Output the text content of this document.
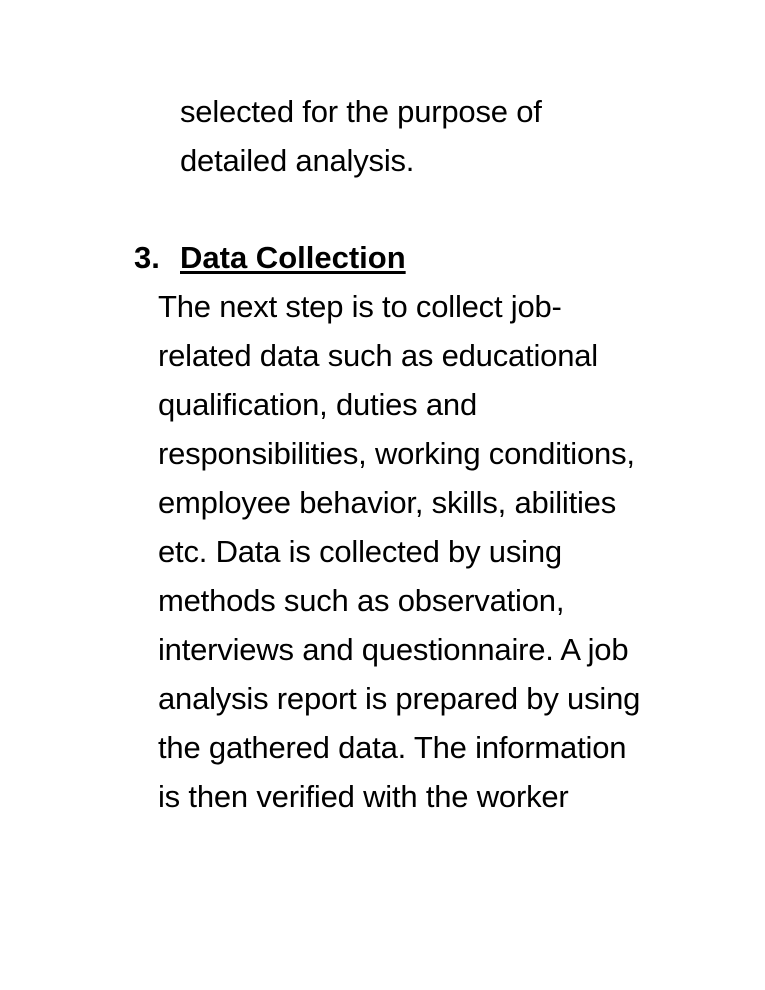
selected for the purpose of
detailed analysis.
3. Data Collection
The next step is to collect job-
related data such as educational
qualification, duties and
responsibilities, working conditions,
employee behavior, skills, abilities
etc. Data is collected by using
methods such as observation,
interviews and questionnaire. A job
analysis report is prepared by using
the gathered data. The information
is then verified with the worker
